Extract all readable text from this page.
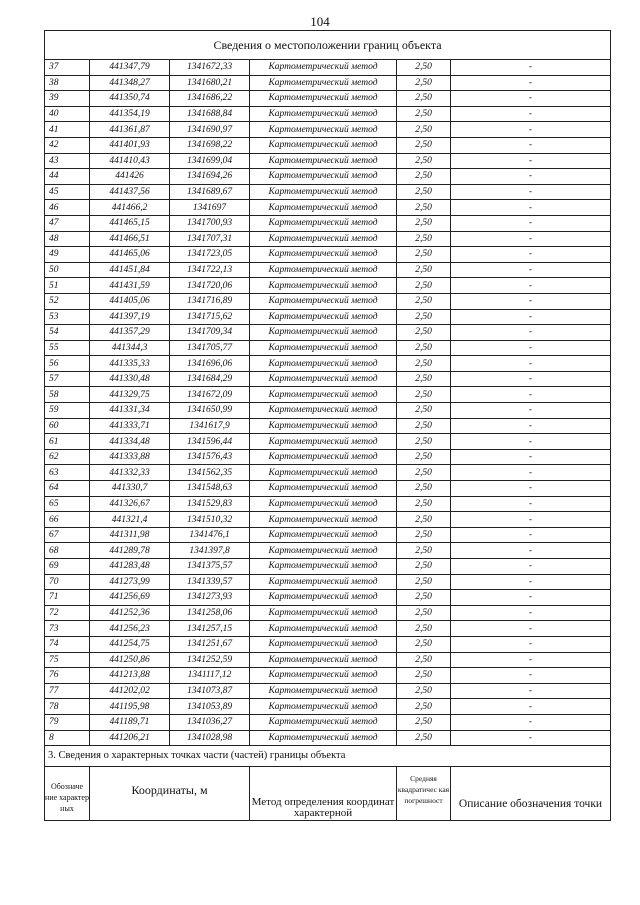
104
Сведения о местоположении границ объекта					
37	441347,79	1341672,33	Картометрический метод	2,50	-
38	441348,27	1341680,21	Картометрический метод	2,50	-
39	441350,74	1341686,22	Картометрический метод	2,50	-
40	441354,19	1341688,84	Картометрический метод	2,50	-
41	441361,87	1341690,97	Картометрический метод	2,50	-
42	441401,93	1341698,22	Картометрический метод	2,50	-
43	441410,43	1341699,04	Картометрический метод	2,50	-
44	441426	1341694,26	Картометрический метод	2,50	-
45	441437,56	1341689,67	Картометрический метод	2,50	-
46	441466,2	1341697	Картометрический метод	2,50	-
47	441465,15	1341700,93	Картометрический метод	2,50	-
48	441466,51	1341707,31	Картометрический метод	2,50	-
49	441465,06	1341723,05	Картометрический метод	2,50	-
50	441451,84	1341722,13	Картометрический метод	2,50	-
51	441431,59	1341720,06	Картометрический метод	2,50	-
52	441405,06	1341716,89	Картометрический метод	2,50	-
53	441397,19	1341715,62	Картометрический метод	2,50	-
54	441357,29	1341709,34	Картометрический метод	2,50	-
55	441344,3	1341705,77	Картометрический метод	2,50	-
56	441335,33	1341696,06	Картометрический метод	2,50	-
57	441330,48	1341684,29	Картометрический метод	2,50	-
58	441329,75	1341672,09	Картометрический метод	2,50	-
59	441331,34	1341650,99	Картометрический метод	2,50	-
60	441333,71	1341617,9	Картометрический метод	2,50	-
61	441334,48	1341596,44	Картометрический метод	2,50	-
62	441333,88	1341576,43	Картометрический метод	2,50	-
63	441332,33	1341562,35	Картометрический метод	2,50	-
64	441330,7	1341548,63	Картометрический метод	2,50	-
65	441326,67	1341529,83	Картометрический метод	2,50	-
66	441321,4	1341510,32	Картометрический метод	2,50	-
67	441311,98	1341476,1	Картометрический метод	2,50	-
68	441289,78	1341397,8	Картометрический метод	2,50	-
69	441283,48	1341375,57	Картометрический метод	2,50	-
70	441273,99	1341339,57	Картометрический метод	2,50	-
71	441256,69	1341273,93	Картометрический метод	2,50	-
72	441252,36	1341258,06	Картометрический метод	2,50	-
73	441256,23	1341257,15	Картометрический метод	2,50	-
74	441254,75	1341251,67	Картометрический метод	2,50	-
75	441250,86	1341252,59	Картометрический метод	2,50	-
76	441213,88	1341117,12	Картометрический метод	2,50	-
77	441202,02	1341073,87	Картометрический метод	2,50	-
78	441195,98	1341053,89	Картометрический метод	2,50	-
79	441189,71	1341036,27	Картометрический метод	2,50	-
8	441206,21	1341028,98	Картометрический метод	2,50	-
3. Сведения о характерных точках части (частей) границы объекта					
Обозначе ние характер ных	Координаты, м		Метод определения координат характерной	Средняя квадратичес кая погрешност	Описание обозначения точки
